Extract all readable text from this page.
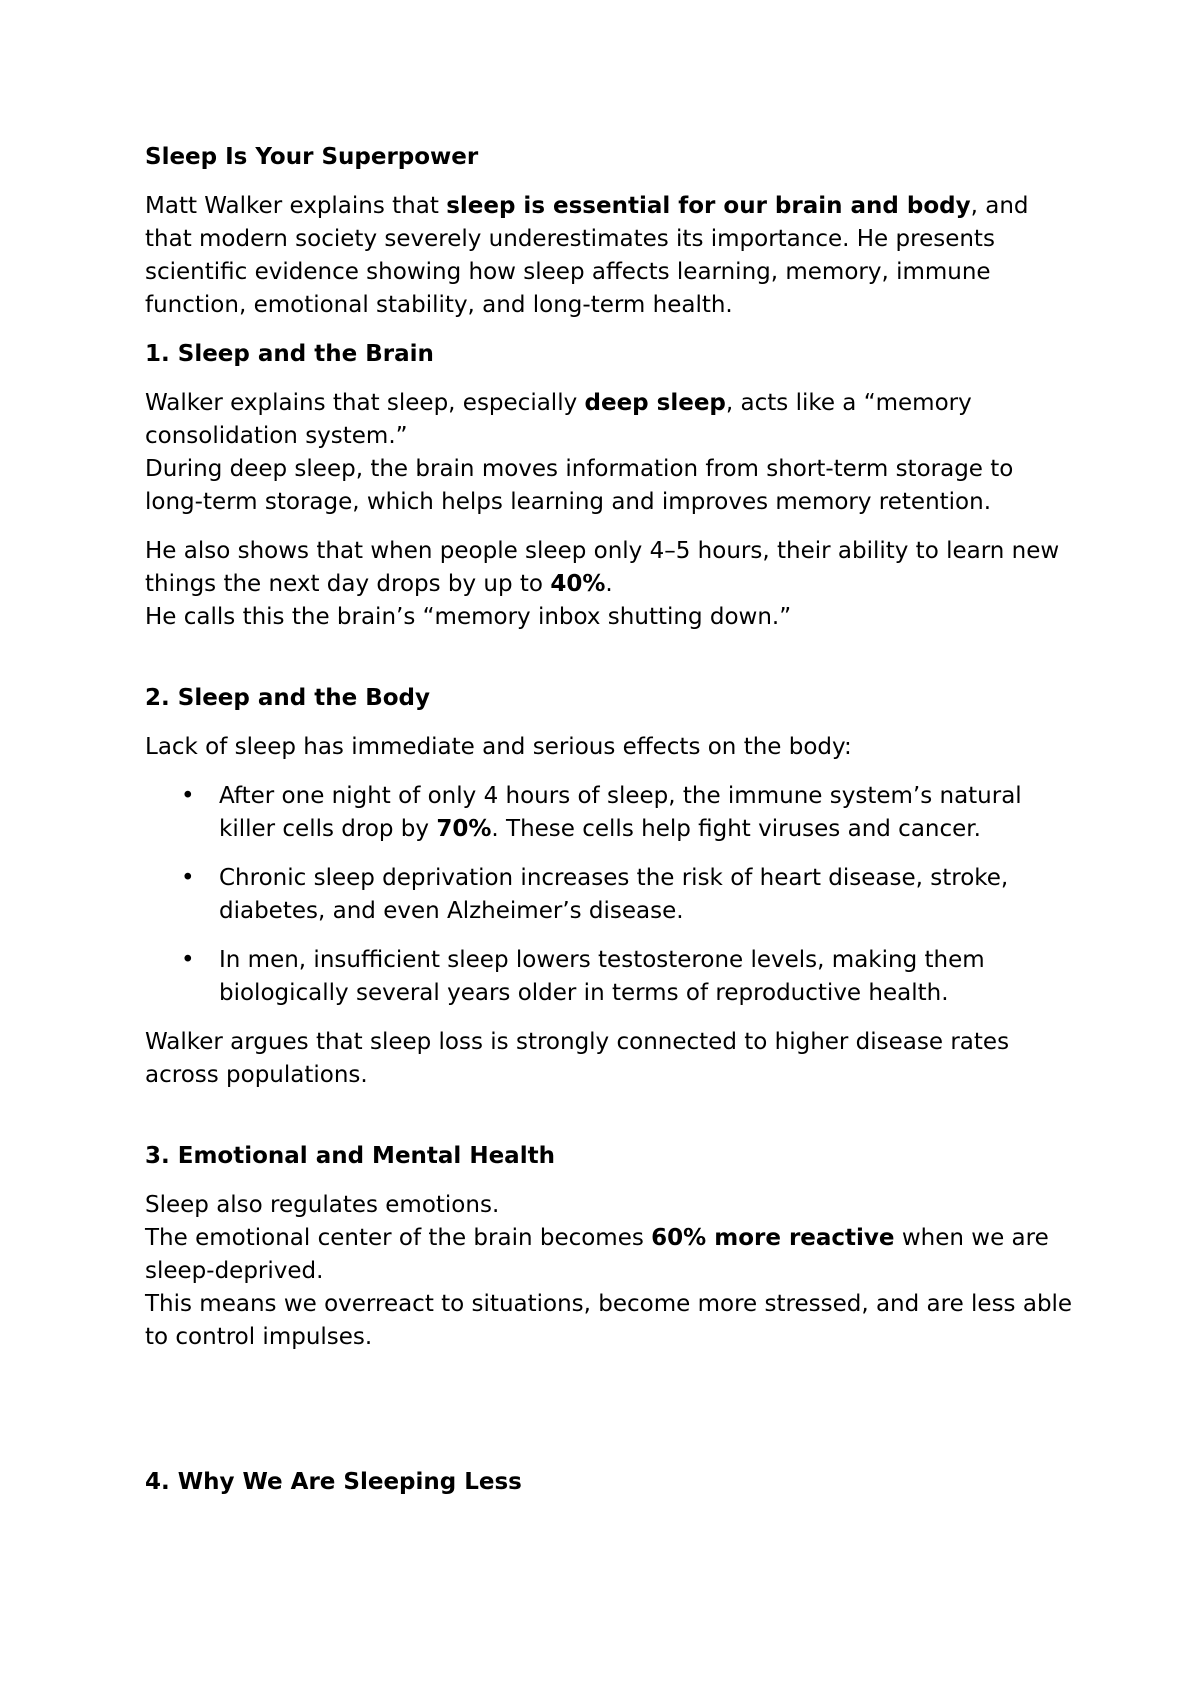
Sleep Is Your Superpower

Matt Walker explains that sleep is essential for our brain and body, and that modern society severely underestimates its importance. He presents scientific evidence showing how sleep affects learning, memory, immune function, emotional stability, and long-term health.

1. Sleep and the Brain

Walker explains that sleep, especially deep sleep, acts like a “memory consolidation system.”
During deep sleep, the brain moves information from short-term storage to long-term storage, which helps learning and improves memory retention.

He also shows that when people sleep only 4–5 hours, their ability to learn new things the next day drops by up to 40%.
He calls this the brain’s “memory inbox shutting down.”

2. Sleep and the Body

Lack of sleep has immediate and serious effects on the body:

• After one night of only 4 hours of sleep, the immune system’s natural killer cells drop by 70%. These cells help fight viruses and cancer.
• Chronic sleep deprivation increases the risk of heart disease, stroke, diabetes, and even Alzheimer’s disease.
• In men, insufficient sleep lowers testosterone levels, making them biologically several years older in terms of reproductive health.

Walker argues that sleep loss is strongly connected to higher disease rates across populations.

3. Emotional and Mental Health

Sleep also regulates emotions.
The emotional center of the brain becomes 60% more reactive when we are sleep-deprived.
This means we overreact to situations, become more stressed, and are less able to control impulses.

4. Why We Are Sleeping Less
